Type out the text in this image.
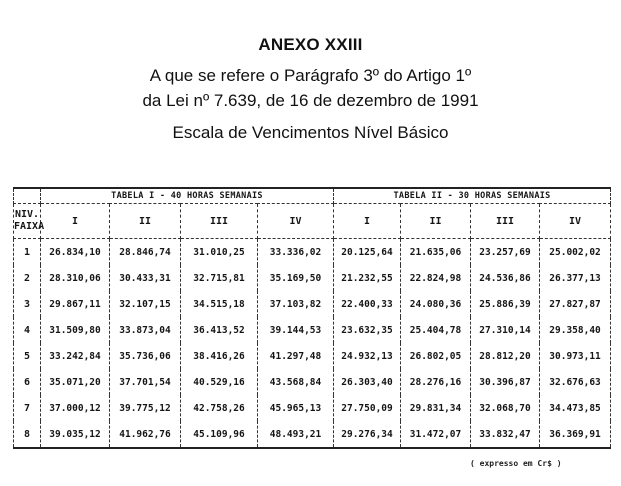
ANEXO XXIII
A que se refere o Parágrafo 3º do Artigo 1º
da Lei nº 7.639, de 16 de dezembro de 1991
Escala de Vencimentos Nível Básico
	TABELA I - 40 HORAS SEMANAIS				TABELA II - 30 HORAS SEMANAIS			
NIV.
FAIXA	I	II	III	IV	I	II	III	IV
1	26.834,10	28.846,74	31.010,25	33.336,02	20.125,64	21.635,06	23.257,69	25.002,02
2	28.310,06	30.433,31	32.715,81	35.169,50	21.232,55	22.824,98	24.536,86	26.377,13
3	29.867,11	32.107,15	34.515,18	37.103,82	22.400,33	24.080,36	25.886,39	27.827,87
4	31.509,80	33.873,04	36.413,52	39.144,53	23.632,35	25.404,78	27.310,14	29.358,40
5	33.242,84	35.736,06	38.416,26	41.297,48	24.932,13	26.802,05	28.812,20	30.973,11
6	35.071,20	37.701,54	40.529,16	43.568,84	26.303,40	28.276,16	30.396,87	32.676,63
7	37.000,12	39.775,12	42.758,26	45.965,13	27.750,09	29.831,34	32.068,70	34.473,85
8	39.035,12	41.962,76	45.109,96	48.493,21	29.276,34	31.472,07	33.832,47	36.369,91
( expresso em Cr$ )
